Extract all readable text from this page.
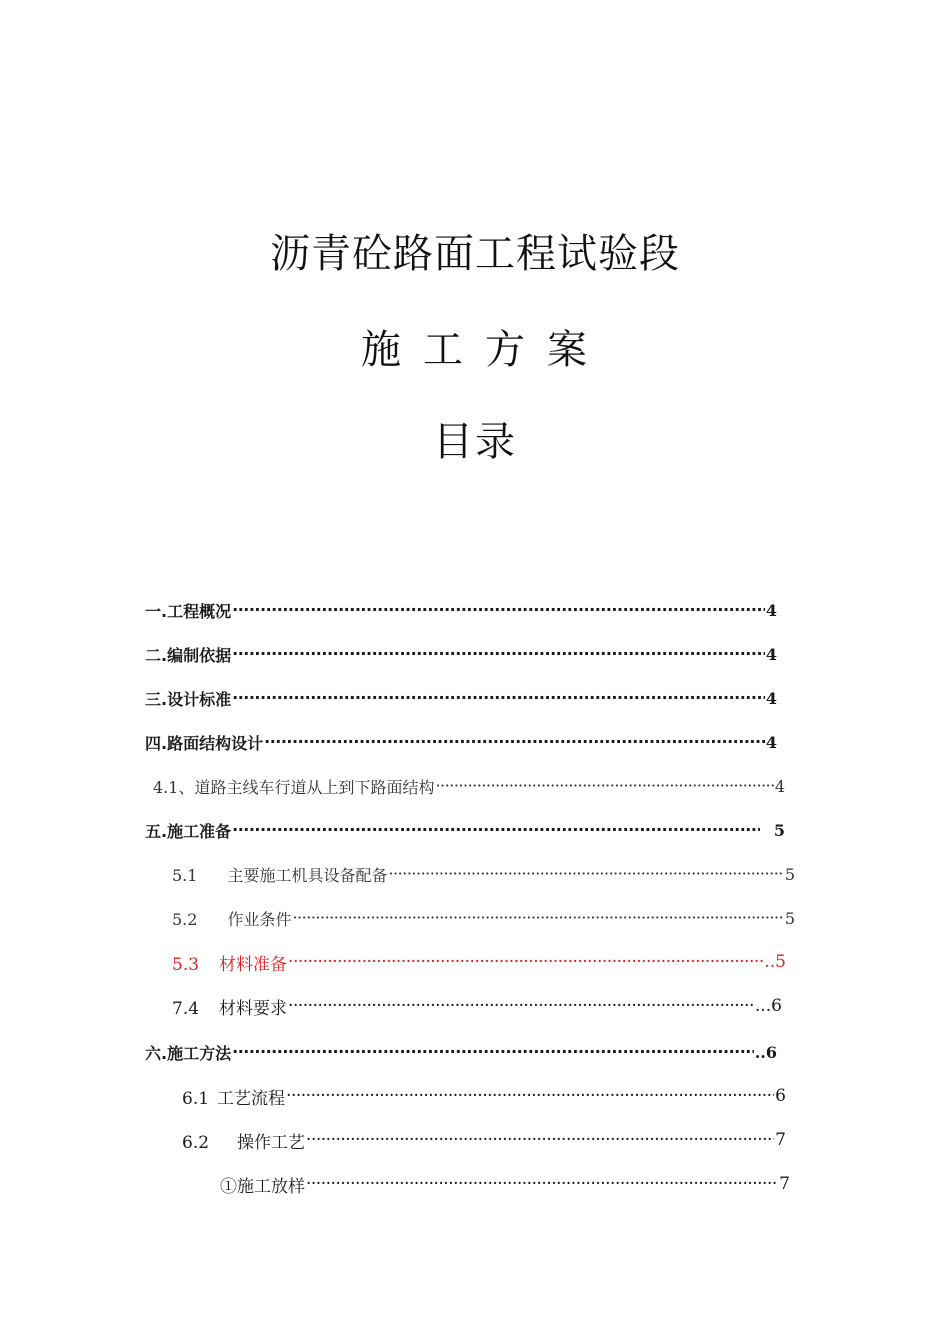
沥青砼路面工程试验段
施工方案
目录
一.工程概况 ·····	4
二.编制依据 ·····	4
三.设计标准 ·····	4
四.路面结构设计 ·····	4
4.1、道路主线车行道从上到下路面结构 ·····	4
五.施工准备 ·····	5
5.1 主要施工机具设备配备 ·····	5
5.2 作业条件 ·····	5
5.3 材料准备 ·····	..5
7.4 材料要求 ·····	...6
六.施工方法 ·····	..6
6.1 工艺流程 ·····	6
6.2 操作工艺 ·····	7
①施工放样 ·····	7
